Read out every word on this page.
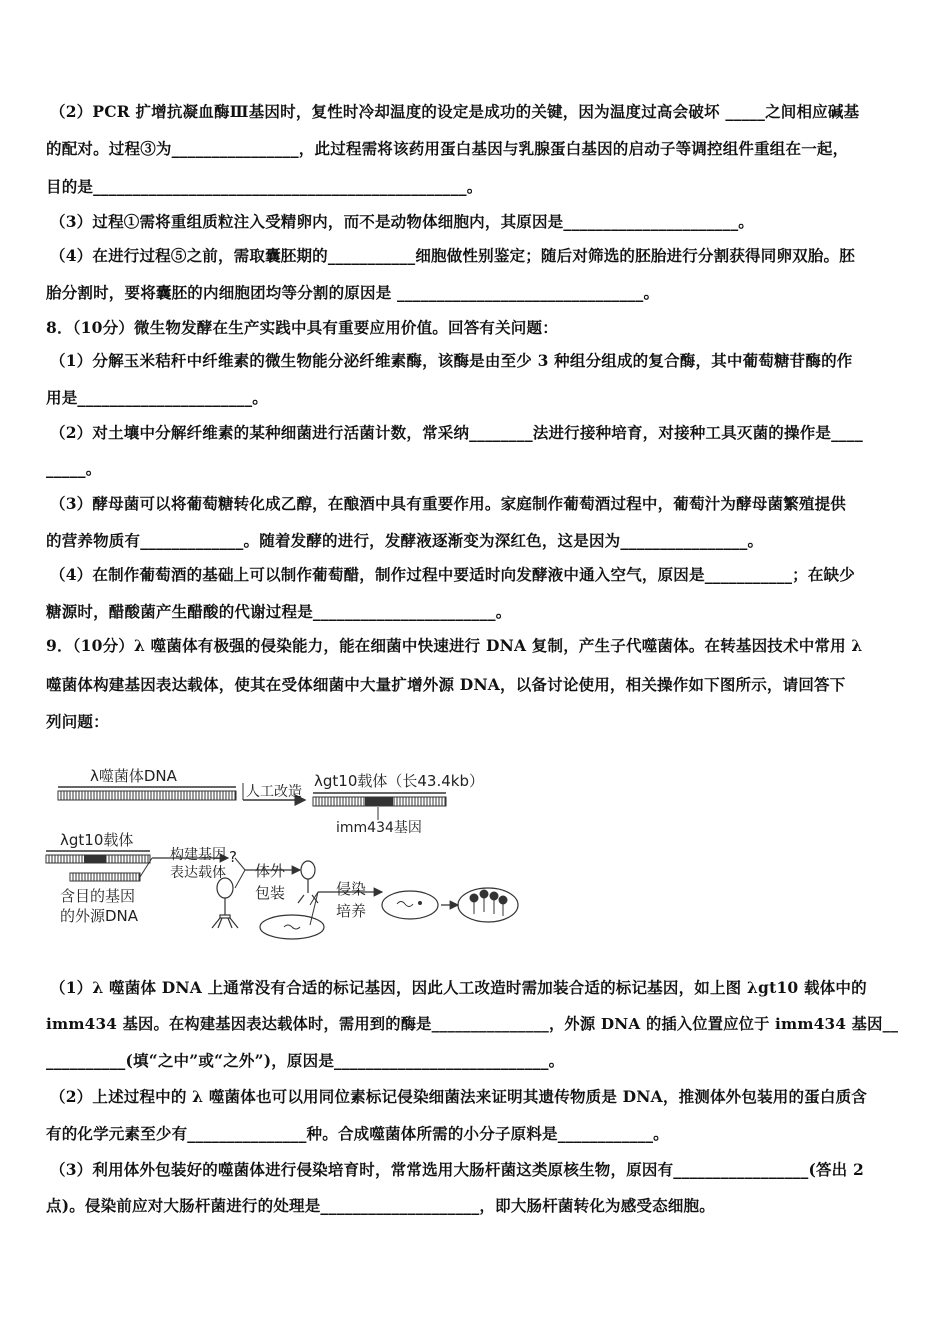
（2）PCR 扩增抗凝血酶Ⅲ基因时，复性时冷却温度的设定是成功的关键，因为温度过高会破坏 _____之间相应碱基
的配对。过程③为________________，此过程需将该药用蛋白基因与乳腺蛋白基因的启动子等调控组件重组在一起，
目的是_______________________________________________。
（3）过程①需将重组质粒注入受精卵内，而不是动物体细胞内，其原因是______________________。
（4）在进行过程⑤之前，需取囊胚期的___________细胞做性别鉴定；随后对筛选的胚胎进行分割获得同卵双胎。胚
胎分割时，要将囊胚的内细胞团均等分割的原因是 _______________________________。
8．（10分）微生物发酵在生产实践中具有重要应用价值。回答有关问题：
（1）分解玉米秸秆中纤维素的微生物能分泌纤维素酶，该酶是由至少 3 种组分组成的复合酶，其中葡萄糖苷酶的作
用是______________________。
（2）对土壤中分解纤维素的某种细菌进行活菌计数，常采纳________法进行接种培育，对接种工具灭菌的操作是____
_____。
（3）酵母菌可以将葡萄糖转化成乙醇，在酿酒中具有重要作用。家庭制作葡萄酒过程中，葡萄汁为酵母菌繁殖提供
的营养物质有_____________。随着发酵的进行，发酵液逐渐变为深红色，这是因为________________。
（4）在制作葡萄酒的基础上可以制作葡萄醋，制作过程中要适时向发酵液中通入空气，原因是___________；在缺少
糖源时，醋酸菌产生醋酸的代谢过程是_______________________。
9．（10分）λ 噬菌体有极强的侵染能力，能在细菌中快速进行 DNA 复制，产生子代噬菌体。在转基因技术中常用 λ
噬菌体构建基因表达载体，使其在受体细菌中大量扩增外源 DNA，以备讨论使用，相关操作如下图所示，请回答下
列问题：
λ噬菌体DNA
人工改造
λgt10载体（长43.4kb）
imm434基因
λgt10载体
构建基因
表达载体
?
含目的基因
的外源DNA
体外
包装	侵染
培养
（1）λ 噬菌体 DNA 上通常没有合适的标记基因，因此人工改造时需加装合适的标记基因，如上图 λgt10 载体中的
imm434 基因。在构建基因表达载体时，需用到的酶是_______________，外源 DNA 的插入位置应位于 imm434 基因__
__________(填“之中”或“之外”)，原因是___________________________。
（2）上述过程中的 λ 噬菌体也可以用同位素标记侵染细菌法来证明其遗传物质是 DNA，推测体外包装用的蛋白质含
有的化学元素至少有_______________种。合成噬菌体所需的小分子原料是____________。
（3）利用体外包装好的噬菌体进行侵染培育时，常常选用大肠杆菌这类原核生物，原因有_________________(答出 2
点)。侵染前应对大肠杆菌进行的处理是____________________，即大肠杆菌转化为感受态细胞。
